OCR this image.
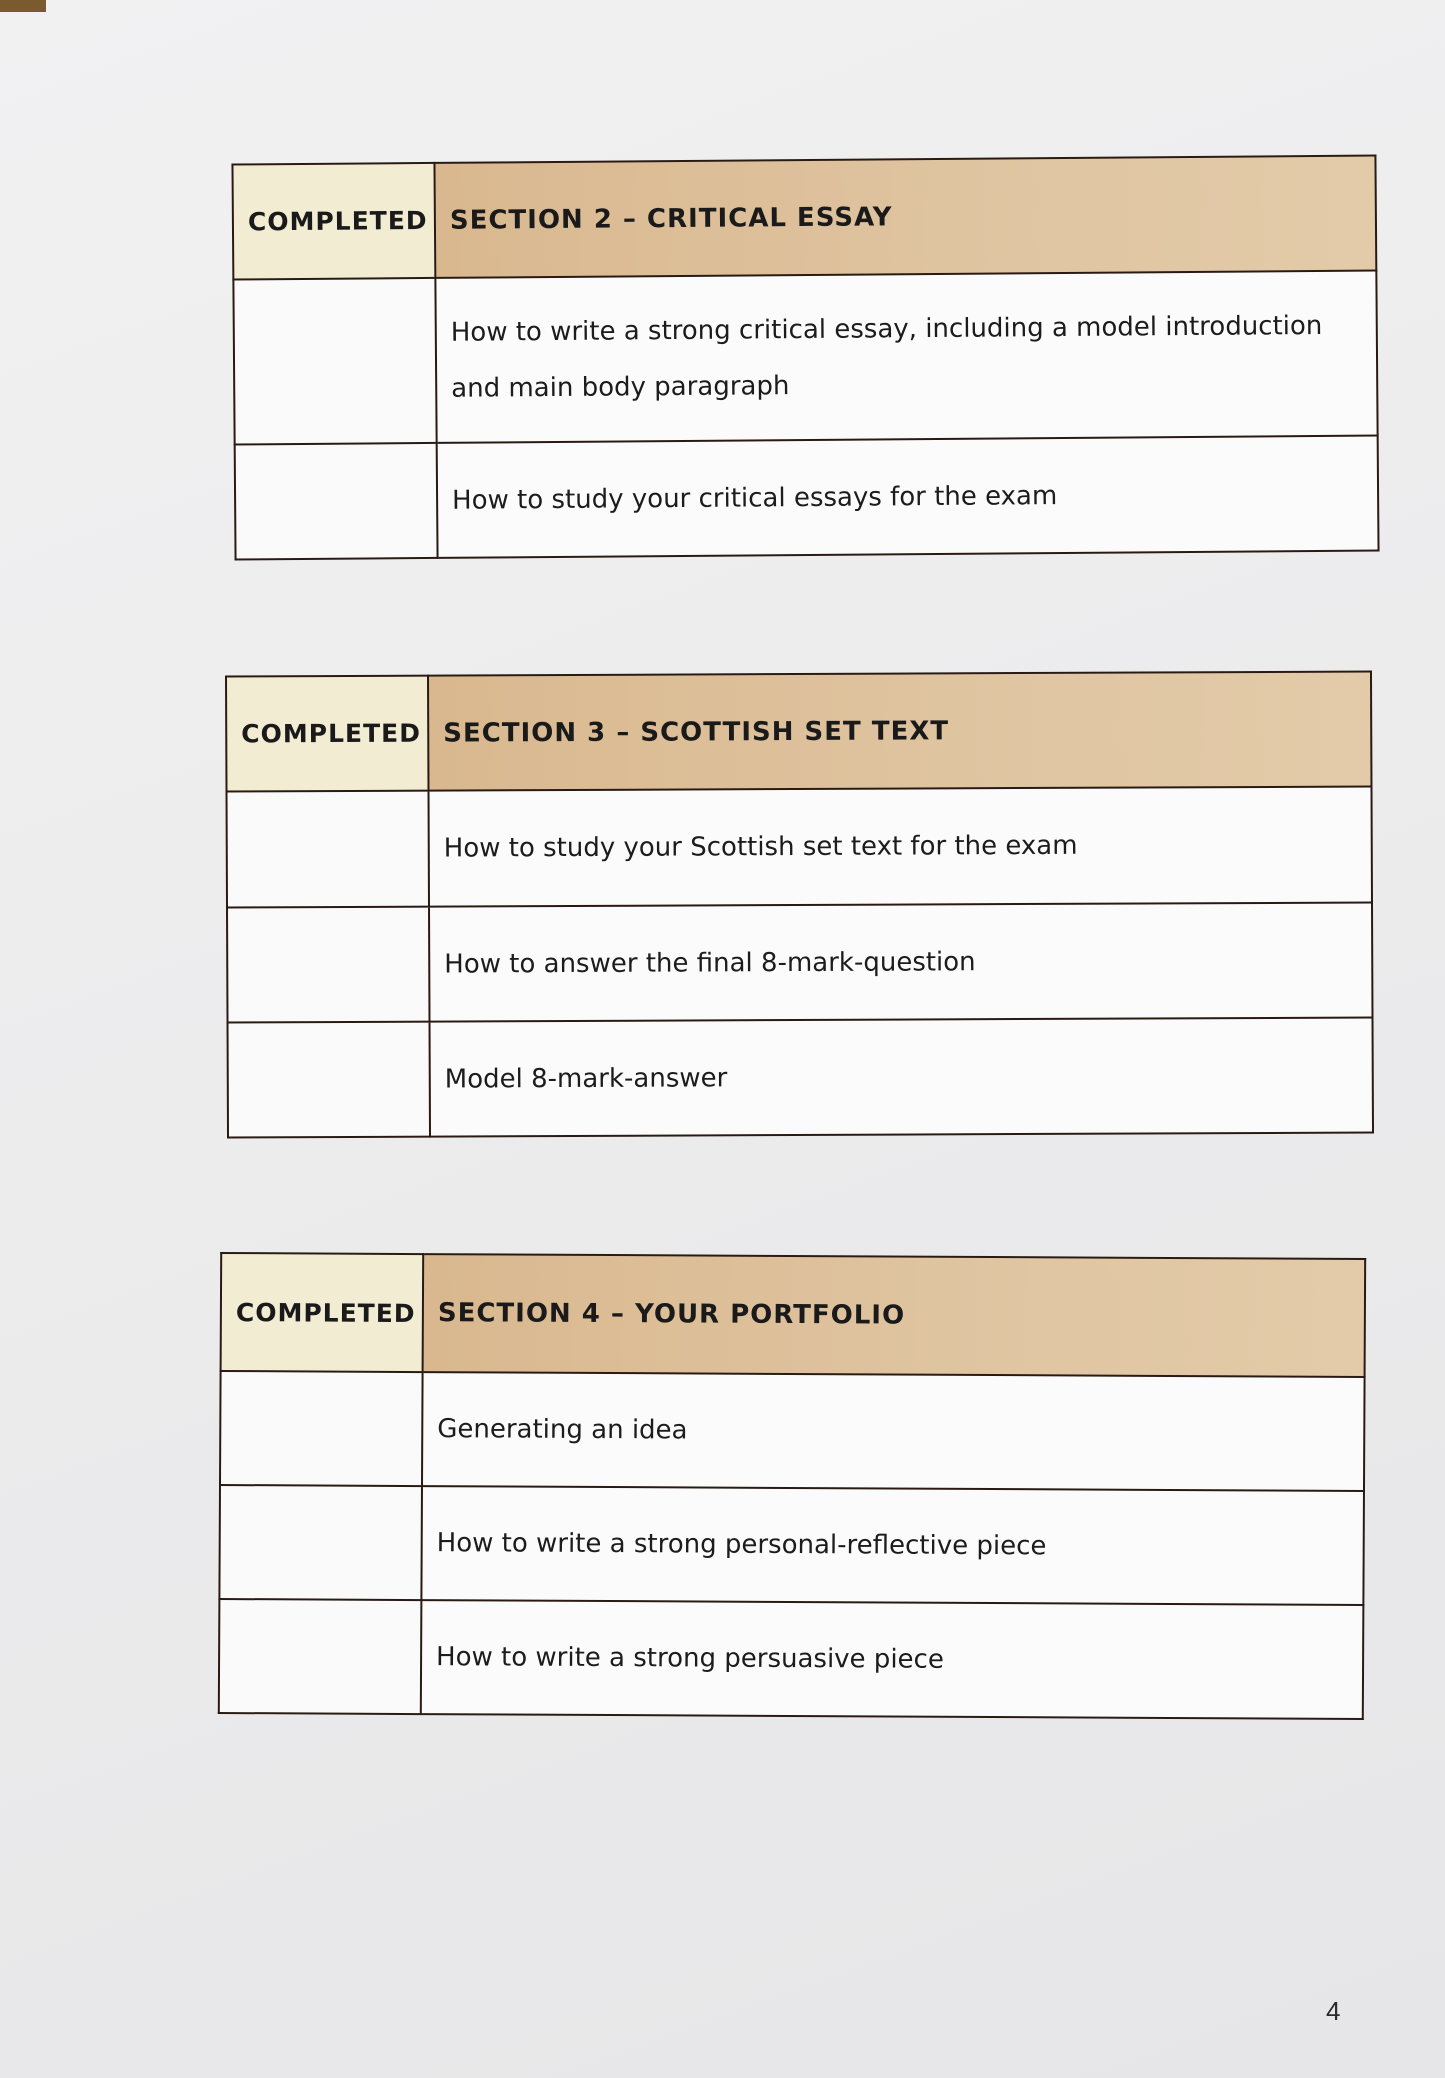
COMPLETED	SECTION 2 – CRITICAL ESSAY
	How to write a strong critical essay, including a model introduction and main body paragraph
	How to study your critical essays for the exam
COMPLETED	SECTION 3 – SCOTTISH SET TEXT
	How to study your Scottish set text for the exam
	How to answer the final 8-mark-question
	Model 8-mark-answer
COMPLETED	SECTION 4 – YOUR PORTFOLIO
	Generating an idea
	How to write a strong personal-reflective piece
	How to write a strong persuasive piece
4
